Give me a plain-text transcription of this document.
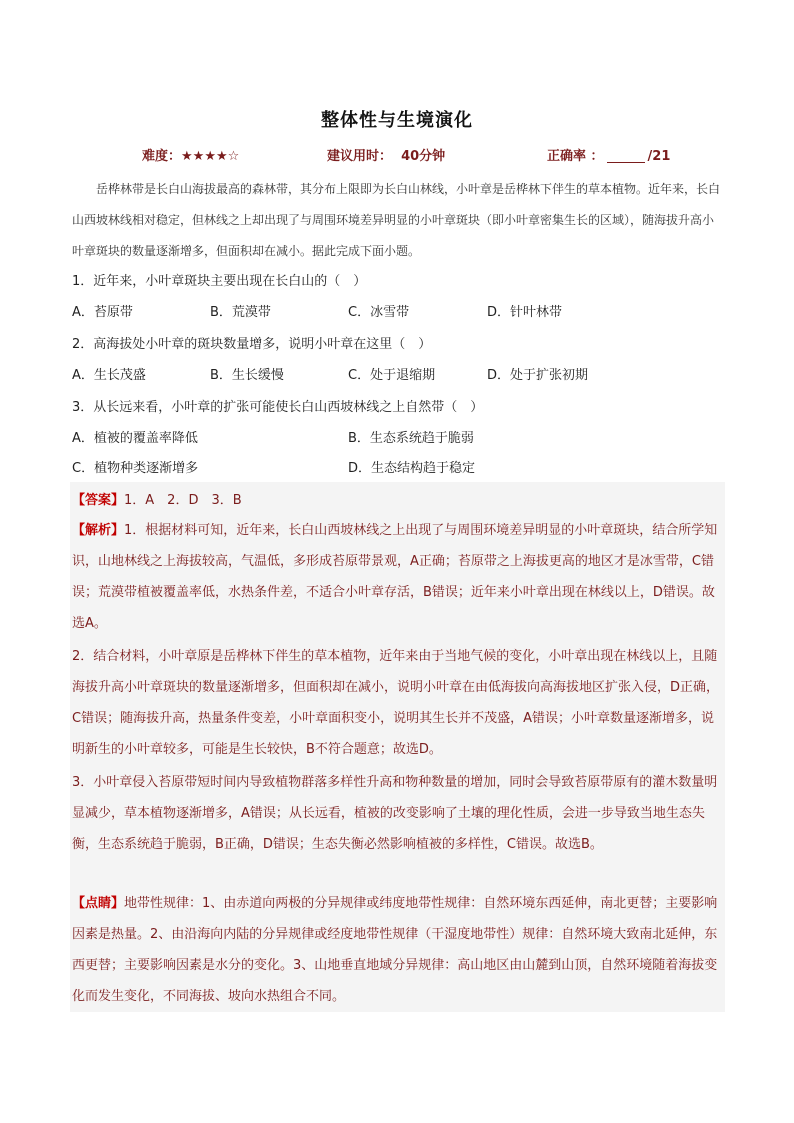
整体性与生境演化
难度：★★★★☆	建议用时： 40分钟	正确率 ：	/21
岳桦林带是长白山海拔最高的森林带，其分布上限即为长白山林线，小叶章是岳桦林下伴生的草本植物。近年来，长白山西坡林线相对稳定，但林线之上却出现了与周围环境差异明显的小叶章斑块（即小叶章密集生长的区域），随海拔升高小叶章斑块的数量逐渐增多，但面积却在减小。据此完成下面小题。
1．近年来，小叶章斑块主要出现在长白山的（　）
A．苔原带	B．荒漠带	C．冰雪带	D．针叶林带
2．高海拔处小叶章的斑块数量增多，说明小叶章在这里（　）
A．生长茂盛	B．生长缓慢	C．处于退缩期	D．处于扩张初期
3．从长远来看，小叶章的扩张可能使长白山西坡林线之上自然带（　）
A．植被的覆盖率降低	B．生态系统趋于脆弱
C．植物种类逐渐增多	D．生态结构趋于稳定
【答案】1．A　2．D　3．B
【解析】1．根据材料可知，近年来，长白山西坡林线之上出现了与周围环境差异明显的小叶章斑块，结合所学知识，山地林线之上海拔较高，气温低，多形成苔原带景观，A正确；苔原带之上海拔更高的地区才是冰雪带，C错误；荒漠带植被覆盖率低，水热条件差，不适合小叶章存活，B错误；近年来小叶章出现在林线以上，D错误。故选A。
2．结合材料，小叶章原是岳桦林下伴生的草本植物，近年来由于当地气候的变化，小叶章出现在林线以上，且随海拔升高小叶章斑块的数量逐渐增多，但面积却在减小，说明小叶章在由低海拔向高海拔地区扩张入侵，D正确，C错误；随海拔升高，热量条件变差，小叶章面积变小，说明其生长并不茂盛，A错误；小叶章数量逐渐增多，说明新生的小叶章较多，可能是生长较快，B不符合题意；故选D。
3．小叶章侵入苔原带短时间内导致植物群落多样性升高和物种数量的增加，同时会导致苔原带原有的灌木数量明显减少，草本植物逐渐增多，A错误；从长远看，植被的改变影响了土壤的理化性质，会进一步导致当地生态失衡，生态系统趋于脆弱，B正确，D错误；生态失衡必然影响植被的多样性，C错误。故选B。
【点睛】地带性规律：1、由赤道向两极的分异规律或纬度地带性规律：自然环境东西延伸，南北更替；主要影响因素是热量。2、由沿海向内陆的分异规律或经度地带性规律（干湿度地带性）规律：自然环境大致南北延伸，东西更替；主要影响因素是水分的变化。3、山地垂直地域分异规律：高山地区由山麓到山顶，自然环境随着海拔变化而发生变化，不同海拔、坡向水热组合不同。
